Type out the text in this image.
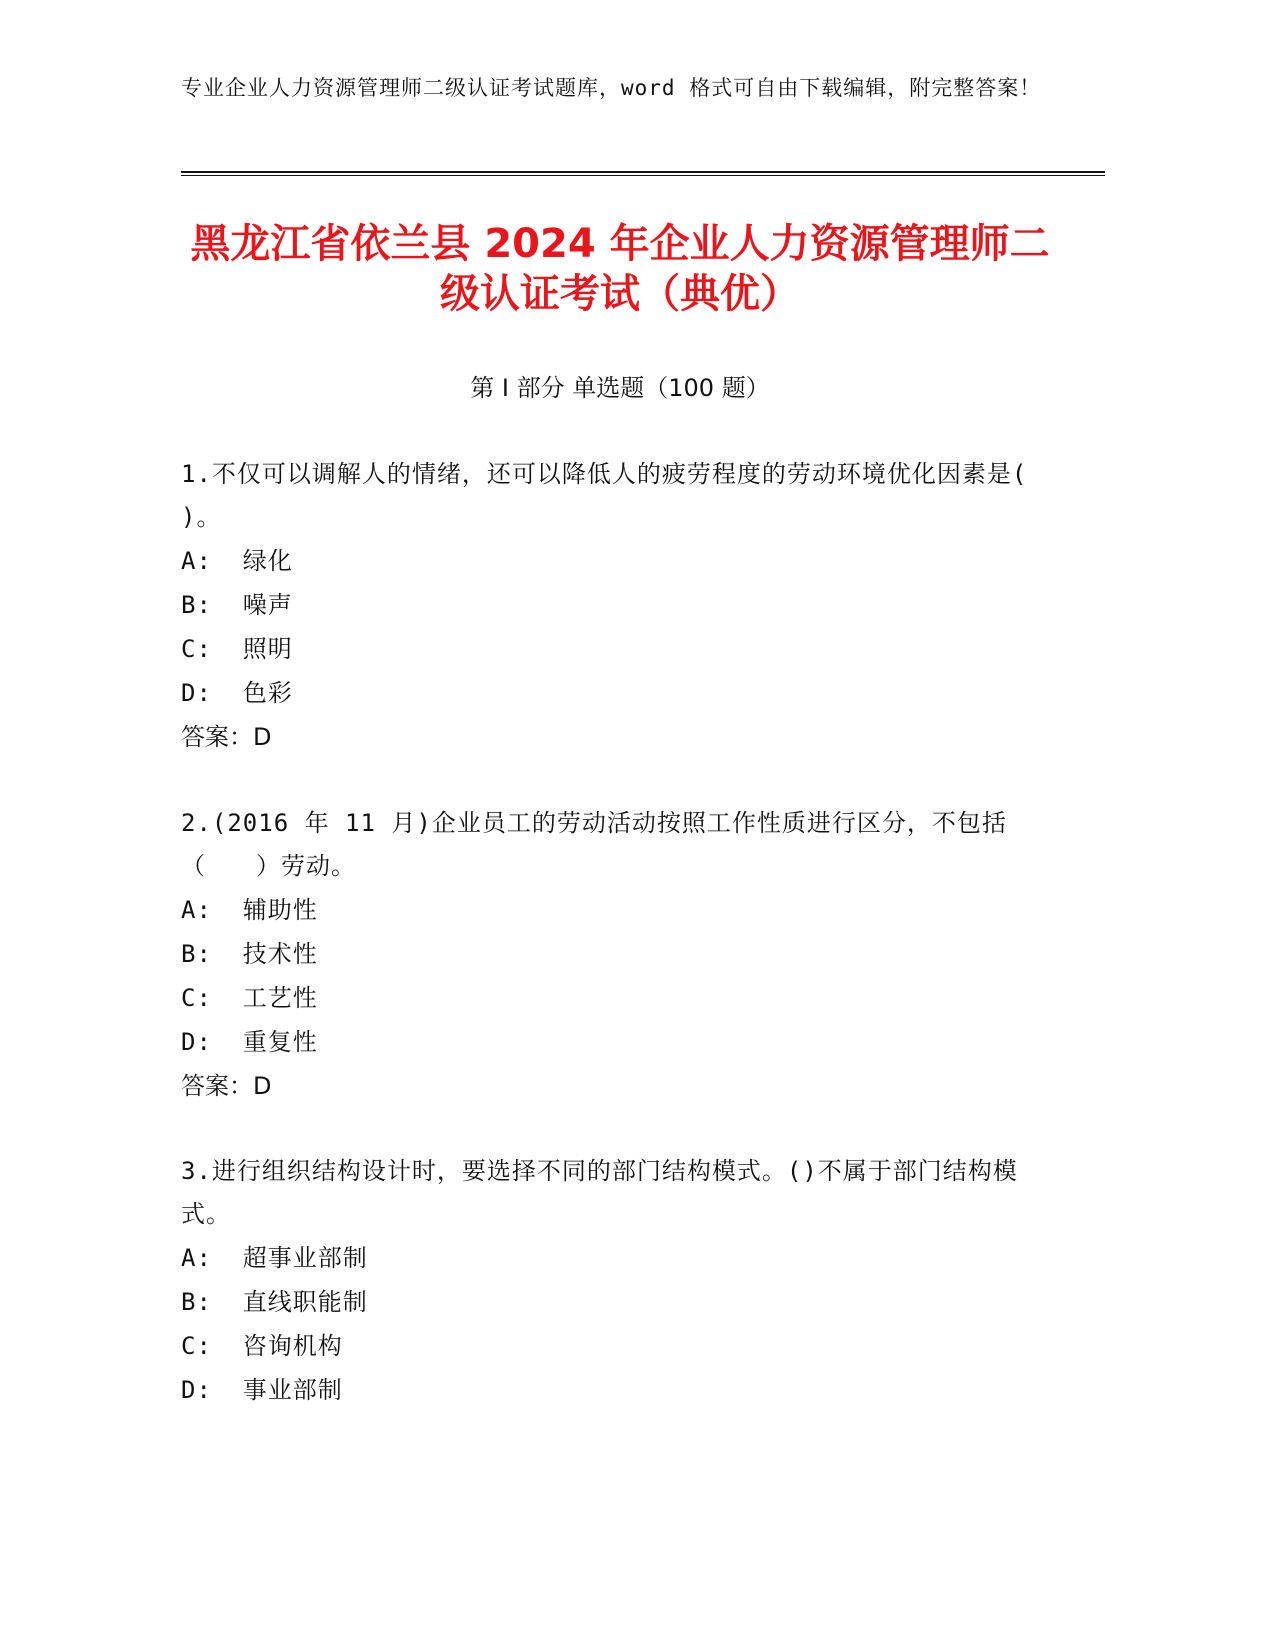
专业企业人力资源管理师二级认证考试题库，word 格式可自由下载编辑，附完整答案！
黑龙江省依兰县 2024 年企业人力资源管理师二级认证考试（典优）
第 I 部分 单选题（100 题）

1.不仅可以调解人的情绪，还可以降低人的疲劳程度的劳动环境优化因素是( )。

A:  绿化

B:  噪声

C:  照明

D:  色彩

答案：D

2.(2016 年 11 月)企业员工的劳动活动按照工作性质进行区分，不包括（　　）劳动。

A:  辅助性

B:  技术性

C:  工艺性

D:  重复性

答案：D

3.进行组织结构设计时，要选择不同的部门结构模式。()不属于部门结构模式。

A:  超事业部制

B:  直线职能制

C:  咨询机构

D:  事业部制
